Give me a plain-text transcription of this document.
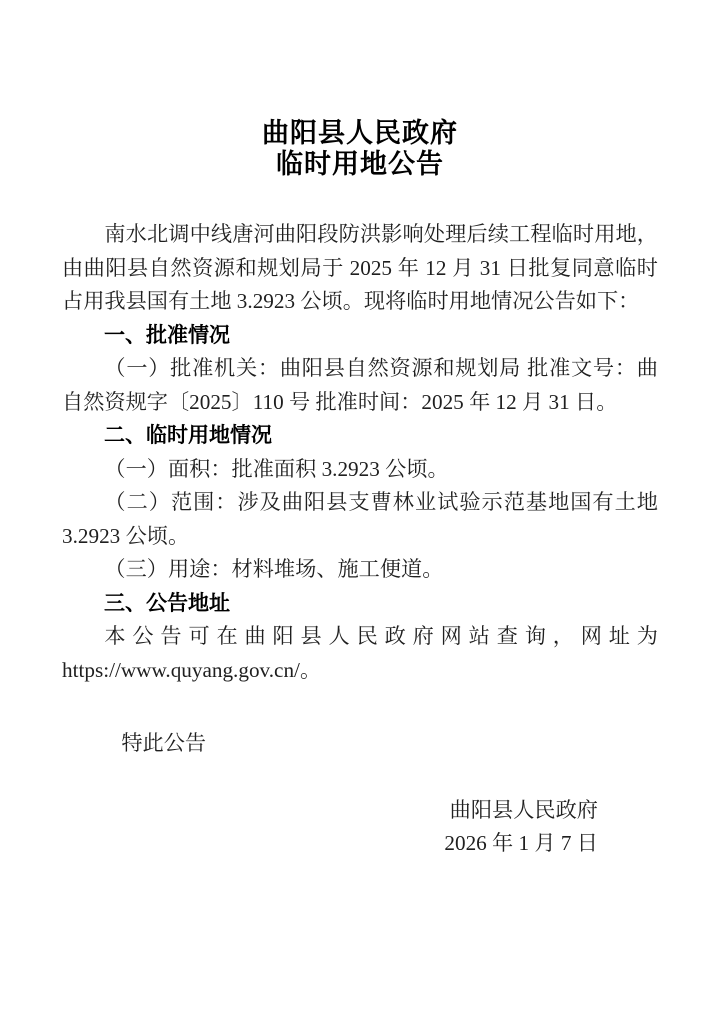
曲阳县人民政府
临时用地公告

南水北调中线唐河曲阳段防洪影响处理后续工程临时用地，由曲阳县自然资源和规划局于 2025 年 12 月 31 日批复同意临时占用我县国有土地 3.2923 公顷。现将临时用地情况公告如下：

一、批准情况

（一）批准机关：曲阳县自然资源和规划局 批准文号：曲自然资规字〔2025〕110 号 批准时间：2025 年 12 月 31 日。

二、临时用地情况

（一）面积：批准面积 3.2923 公顷。

（二）范围：涉及曲阳县支曹林业试验示范基地国有土地 3.2923 公顷。

（三）用途：材料堆场、施工便道。

三、公告地址

本公告可在曲阳县人民政府网站查询，网址为https://www.quyang.gov.cn/。

特此公告

曲阳县人民政府

2026 年 1 月 7 日
